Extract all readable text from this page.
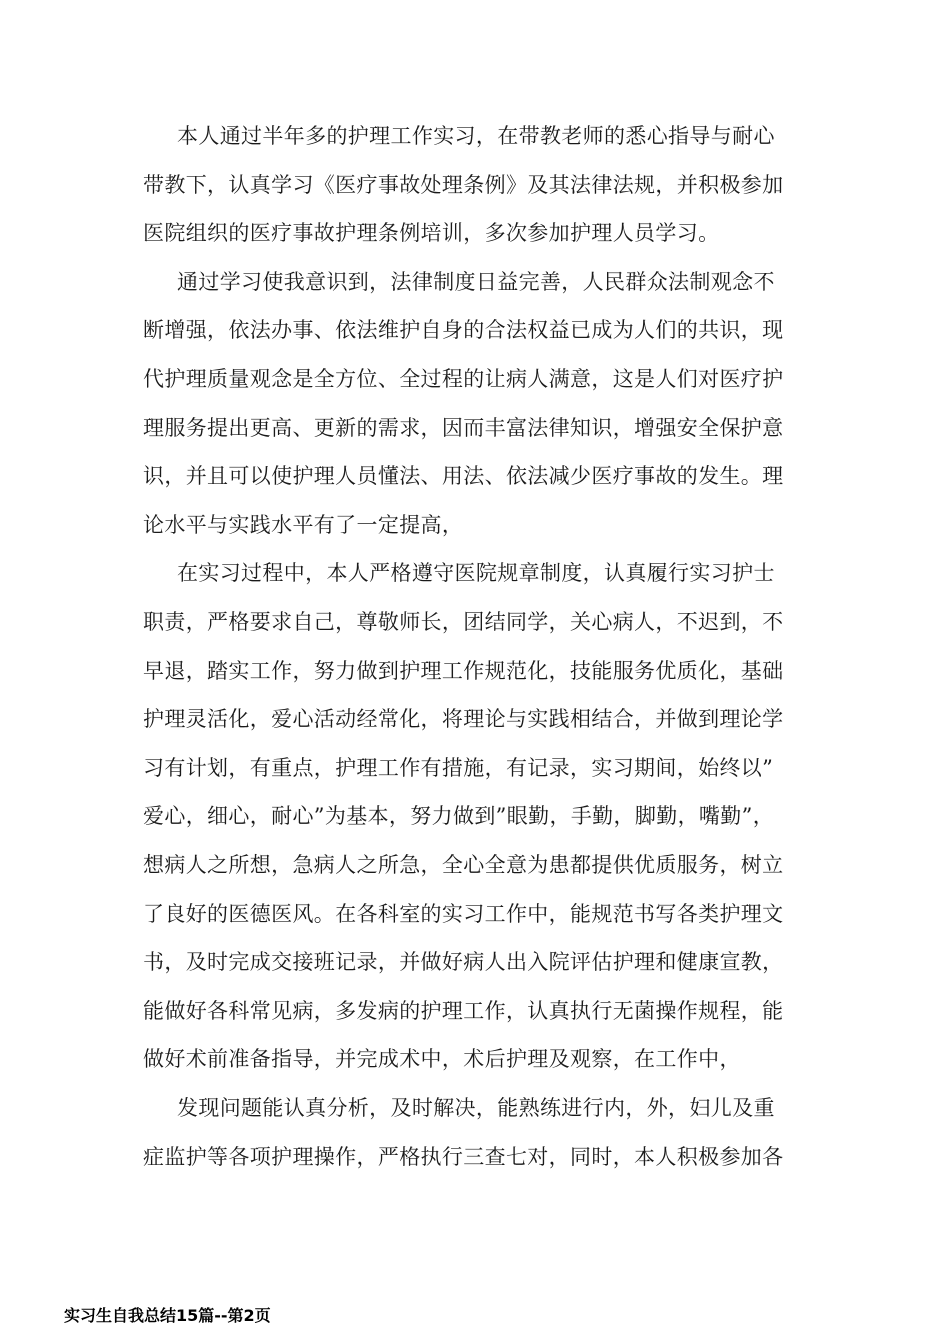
本人通过半年多的护理工作实习，在带教老师的悉心指导与耐心
带教下，认真学习《医疗事故处理条例》及其法律法规，并积极参加
医院组织的医疗事故护理条例培训，多次参加护理人员学习。
通过学习使我意识到，法律制度日益完善，人民群众法制观念不
断增强，依法办事、依法维护自身的合法权益已成为人们的共识，现
代护理质量观念是全方位、全过程的让病人满意，这是人们对医疗护
理服务提出更高、更新的需求，因而丰富法律知识，增强安全保护意
识，并且可以使护理人员懂法、用法、依法减少医疗事故的发生。理
论水平与实践水平有了一定提高，
在实习过程中，本人严格遵守医院规章制度，认真履行实习护士
职责，严格要求自己，尊敬师长，团结同学，关心病人，不迟到，不
早退，踏实工作，努力做到护理工作规范化，技能服务优质化，基础
护理灵活化，爱心活动经常化，将理论与实践相结合，并做到理论学
习有计划，有重点，护理工作有措施，有记录，实习期间，始终以”
爱心，细心，耐心”为基本，努力做到”眼勤，手勤，脚勤，嘴勤”，
想病人之所想，急病人之所急，全心全意为患都提供优质服务，树立
了良好的医德医风。在各科室的实习工作中，能规范书写各类护理文
书，及时完成交接班记录，并做好病人出入院评估护理和健康宣教，
能做好各科常见病，多发病的护理工作，认真执行无菌操作规程，能
做好术前准备指导，并完成术中，术后护理及观察，在工作中，
发现问题能认真分析，及时解决，能熟练进行内，外，妇儿及重
症监护等各项护理操作，严格执行三查七对，同时，本人积极参加各
实习生自我总结15篇--第2页
